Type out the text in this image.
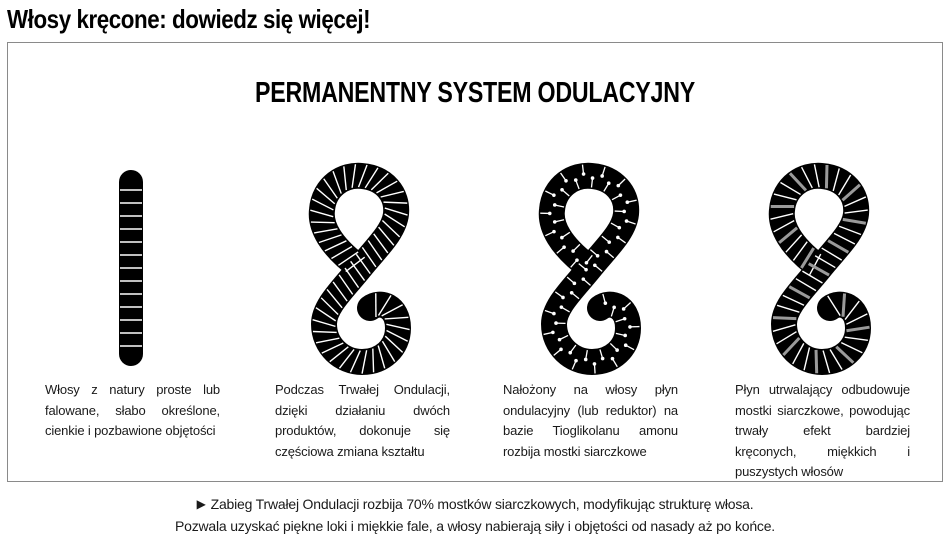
Włosy kręcone: dowiedz się więcej!
PERMANENTNY SYSTEM ODULACYJNY
Włosy z natury proste lub falowane, słabo określone, cienkie i pozbawione objętości
Podczas Trwałej Ondulacji, dzięki działaniu dwóch produktów, dokonuje się częściowa zmiana kształtu
Nałożony na włosy płyn ondulacyjny (lub reduktor) na bazie Tioglikolanu amonu rozbija mostki siarczkowe
Płyn utrwalający odbudowuje mostki siarczkowe, powodując trwały efekt bardziej kręconych, miękkich i puszystych włosów
▶ Zabieg Trwałej Ondulacji rozbija 70% mostków siarczkowych, modyfikując strukturę włosa.
Pozwala uzyskać piękne loki i miękkie fale, a włosy nabierają siły i objętości od nasady aż po końce.
